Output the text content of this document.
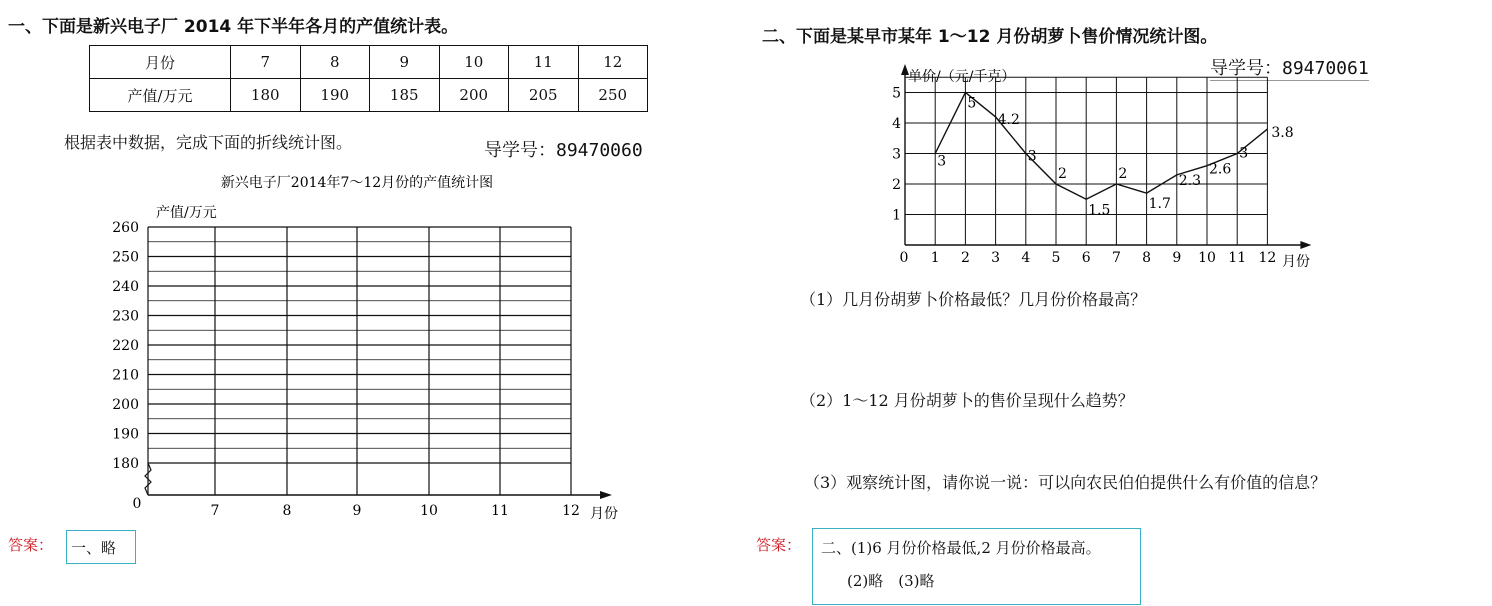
一、下面是新兴电子厂 2014 年下半年各月的产值统计表。
月份	7	8	9	10	11	12
产值/万元	180	190	185	200	205	250
根据表中数据，完成下面的折线统计图。	导学号：89470060
新兴电子厂2014年7～12月份的产值统计图
产值/万元
260
250
240
230
220
210
200
190
180
7	8	9	10	11	12
0
月份
答案：	一、略
二、下面是某早市某年 1～12 月份胡萝卜售价情况统计图。
导学号：89470061
单价/（元/千克）
1
2
3
4
5
1 2 3 4 5 6 7 8 9 10 11 12
0
3
5
4.2
3
2
1.5
2
1.7
2.3
2.6
3
3.8
月份
（1）几月份胡萝卜价格最低？几月份价格最高？
（2）1～12 月份胡萝卜的售价呈现什么趋势？
（3）观察统计图，请你说一说：可以向农民伯伯提供什么有价值的信息？
答案： 二、(1)6 月份价格最低,2 月份价格最高。
(2)略　(3)略
